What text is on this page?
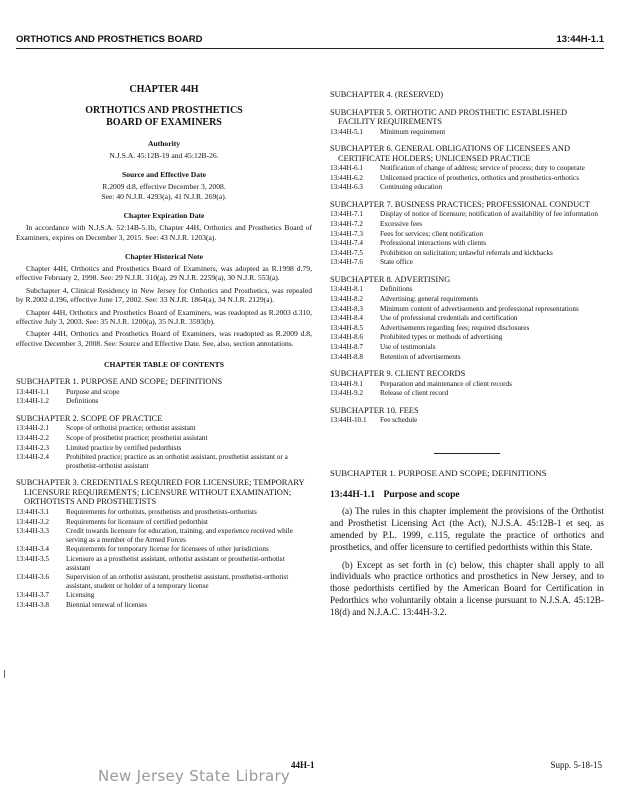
ORTHOTICS AND PROSTHETICS BOARD	13:44H-1.1
CHAPTER 44H
ORTHOTICS AND PROSTHETICS
BOARD OF EXAMINERS
Authority
N.J.S.A. 45:12B-19 and 45:12B-26.
Source and Effective Date
R.2009 d.8, effective December 3, 2008.
See: 40 N.J.R. 4293(a), 41 N.J.R. 269(a).
Chapter Expiration Date

In accordance with N.J.S.A. 52:14B-5.1b, Chapter 44H, Orthotics and Prosthetics Board of Examiners, expires on December 3, 2015. See: 43 N.J.R. 1203(a).

Chapter Historical Note

Chapter 44H, Orthotics and Prosthetics Board of Examiners, was adopted as R.1998 d.79, effective February 2, 1998. See: 29 N.J.R. 310(a), 29 N.J.R. 2259(a), 30 N.J.R. 553(a).

Subchapter 4, Clinical Residency in New Jersey for Orthotics and Prosthetics, was repealed by R.2002 d.196, effective June 17, 2002. See: 33 N.J.R. 1864(a), 34 N.J.R. 2129(a).

Chapter 44H, Orthotics and Prosthetics Board of Examiners, was readopted as R.2003 d.310, effective July 3, 2003. See: 35 N.J.R. 1200(a), 35 N.J.R. 3593(b).

Chapter 44H, Orthotics and Prosthetics Board of Examiners, was readopted as R.2009 d.8, effective December 3, 2008. See: Source and Effective Date. See, also, section annotations.

CHAPTER TABLE OF CONTENTS
SUBCHAPTER 1. PURPOSE AND SCOPE; DEFINITIONS
13:44H-1.1	Purpose and scope
13:44H-1.2	Definitions
SUBCHAPTER 2. SCOPE OF PRACTICE
13:44H-2.1	Scope of orthotist practice; orthotist assistant
13:44H-2.2	Scope of prosthetist practice; prosthetist assistant
13:44H-2.3	Limited practice by certified pedorthists
13:44H-2.4	Prohibited practice; practice as an orthotist assistant, prosthetist assistant or a prosthetist-orthotist assistant
SUBCHAPTER 3. CREDENTIALS REQUIRED FOR LICENSURE; TEMPORARY LICENSURE REQUIREMENTS; LICENSURE WITHOUT EXAMINATION; ORTHOTISTS AND PROSTHETISTS
13:44H-3.1	Requirements for orthotists, prosthetists and prosthetists-orthotists
13:44H-3.2	Requirements for licensure of certified pedorthist
13:44H-3.3	Credit towards licensure for education, training, and experience received while serving as a member of the Armed Forces
13:44H-3.4	Requirements for temporary license for licensees of other jurisdictions
13:44H-3.5	Licensure as a prosthetist assistant, orthotist assistant or prosthetist-orthotist assistant
13:44H-3.6	Supervision of an orthotist assistant, prosthetist assistant, prosthetist-orthotist assistant, student or holder of a temporary license
13:44H-3.7	Licensing
13:44H-3.8	Biennial renewal of licenses
SUBCHAPTER 4. (RESERVED)
SUBCHAPTER 5. ORTHOTIC AND PROSTHETIC ESTABLISHED FACILITY REQUIREMENTS
13:44H-5.1	Minimum requirement
SUBCHAPTER 6. GENERAL OBLIGATIONS OF LICENSEES AND CERTIFICATE HOLDERS; UNLICENSED PRACTICE
13:44H-6.1	Notification of change of address; service of process; duty to cooperate
13:44H-6.2	Unlicensed practice of prosthetics, orthotics and prosthetics-orthotics
13:44H-6.3	Continuing education
SUBCHAPTER 7. BUSINESS PRACTICES; PROFESSIONAL CONDUCT
13:44H-7.1	Display of notice of licensure; notification of availability of fee information
13:44H-7.2	Excessive fees
13:44H-7.3	Fees for services; client notification
13:44H-7.4	Professional interactions with clients
13:44H-7.5	Prohibition on solicitation; unlawful referrals and kickbacks
13:44H-7.6	State office
SUBCHAPTER 8. ADVERTISING
13:44H-8.1	Definitions
13:44H-8.2	Advertising; general requirements
13:44H-8.3	Minimum content of advertisements and professional representations
13:44H-8.4	Use of professional credentials and certification
13:44H-8.5	Advertisements regarding fees; required disclosures
13:44H-8.6	Prohibited types or methods of advertising
13:44H-8.7	Use of testimonials
13:44H-8.8	Retention of advertisements
SUBCHAPTER 9. CLIENT RECORDS
13:44H-9.1	Preparation and maintenance of client records
13:44H-9.2	Release of client record
SUBCHAPTER 10. FEES
13:44H-10.1	Fee schedule
SUBCHAPTER 1. PURPOSE AND SCOPE; DEFINITIONS
13:44H-1.1 Purpose and scope

(a) The rules in this chapter implement the provisions of the Orthotist and Prosthetist Licensing Act (the Act), N.J.S.A. 45:12B-1 et seq. as amended by P.L. 1999, c.115, regulate the practice of orthotics and prosthetics, and offer licensure to certified pedorthists within this State.

(b) Except as set forth in (c) below, this chapter shall apply to all individuals who practice orthotics and prosthetics in New Jersey, and to those pedorthists certified by the American Board for Certification in Pedorthics who voluntarily obtain a license pursuant to N.J.S.A. 45:12B-18(d) and N.J.A.C. 13:44H-3.2.

44H-1	Supp. 5-18-15
New Jersey State Library
